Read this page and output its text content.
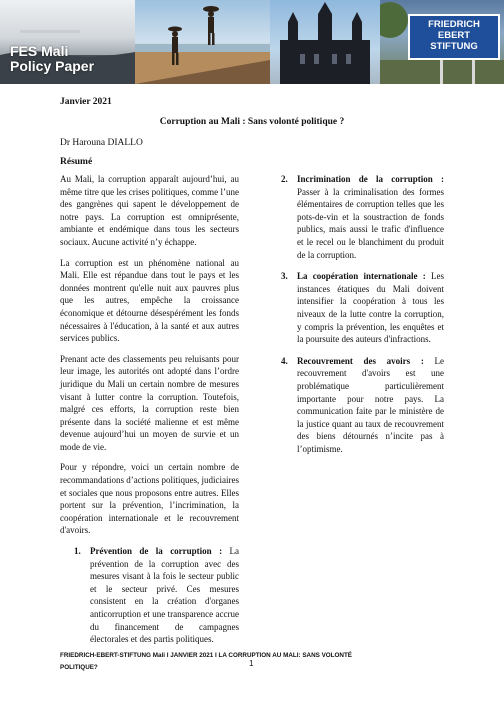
FES Mali
Policy Paper
FRIEDRICH
EBERT
STIFTUNG
Janvier 2021
Corruption au Mali : Sans volonté politique ?
Dr Harouna DIALLO
Résumé

Au Mali, la corruption apparaît aujourd’hui, au même titre que les crises politiques, comme l’une des gangrènes qui sapent le développement de notre pays. La corruption est omniprésente, ambiante et endémique dans tous les secteurs sociaux. Aucune activité n’y échappe.

La corruption est un phénomène national au Mali. Elle est répandue dans tout le pays et les données montrent qu'elle nuit aux pauvres plus que les autres, empêche la croissance économique et détourne désespérément les fonds nécessaires à l'éducation, à la santé et aux autres services publics.

Prenant acte des classements peu reluisants pour leur image, les autorités ont adopté dans l’ordre juridique du Mali un certain nombre de mesures visant à lutter contre la corruption. Toutefois, malgré ces efforts, la corruption reste bien présente dans la société malienne et est même devenue aujourd’hui un moyen de survie et un mode de vie.

Pour y répondre, voici un certain nombre de recommandations d’actions politiques, judiciaires et sociales que nous proposons entre autres. Elles portent sur la prévention, l’incrimination, la coopération internationale et le recouvrement d'avoirs.

1. Prévention de la corruption : La prévention de la corruption avec des mesures visant à la fois le secteur public et le secteur privé. Ces mesures consistent en la création d'organes anticorruption et une transparence accrue du financement de campagnes électorales et des partis politiques.
2. Incrimination de la corruption : Passer à la criminalisation des formes élémentaires de corruption telles que les pots-de-vin et la soustraction de fonds publics, mais aussi le trafic d'influence et le recel ou le blanchiment du produit de la corruption.
3. La coopération internationale : Les instances étatiques du Mali doivent intensifier la coopération à tous les niveaux de la lutte contre la corruption, y compris la prévention, les enquêtes et la poursuite des auteurs d'infractions.
4. Recouvrement des avoirs : Le recouvrement d'avoirs est une problématique particulièrement importante pour notre pays. La communication faite par le ministère de la justice quant au taux de recouvrement des biens détournés n’incite pas à l’optimisme.
FRIEDRICH-EBERT-STIFTUNG Mali I JANVIER 2021 I LA CORRUPTION AU MALI: SANS VOLONTÉ
POLITIQUE?	1
